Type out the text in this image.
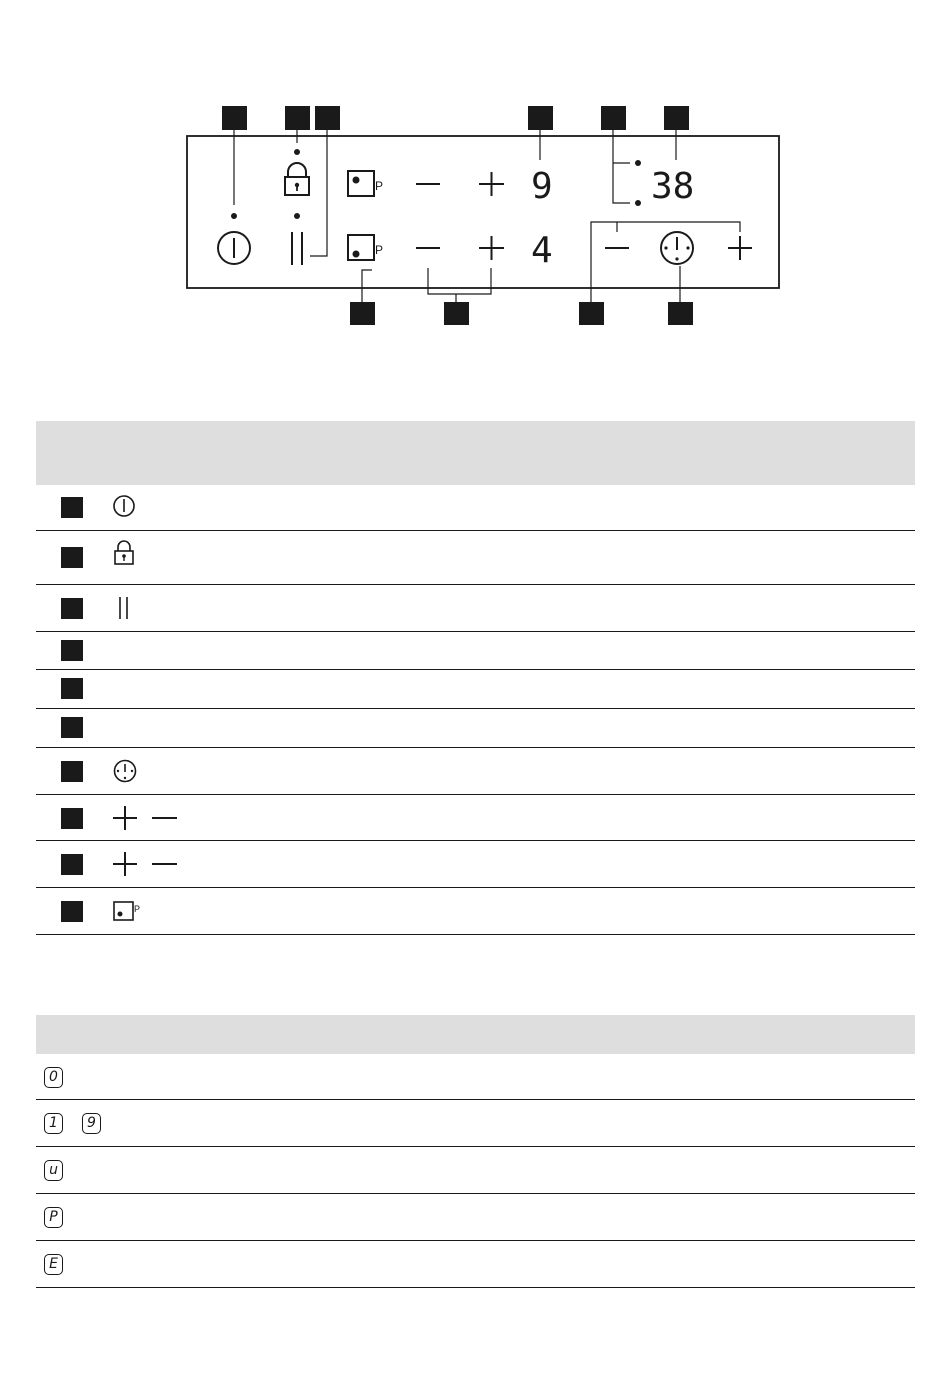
P
P
9
4
38
P
0
1 9
u
P
E
